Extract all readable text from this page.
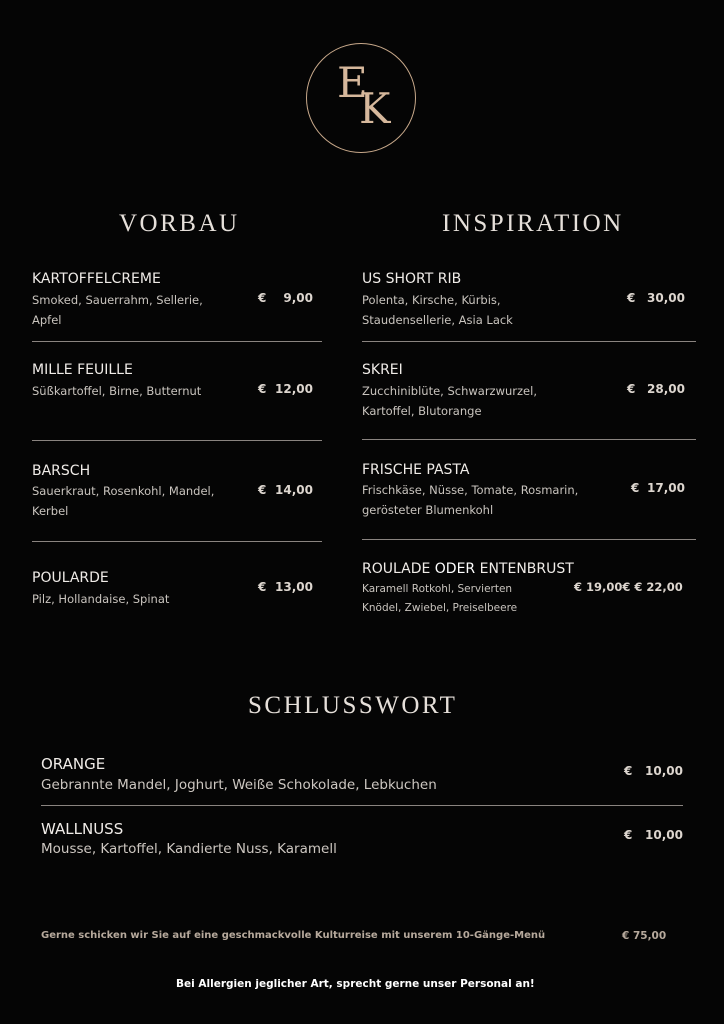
E
K
VORBAU	INSPIRATION
KARTOFFELCREME
Smoked, Sauerrahm, Sellerie, Apfel
€	9,00
MILLE FEUILLE
Süßkartoffel, Birne, Butternut	€ 12,00
BARSCH
Sauerkraut, Rosenkohl, Mandel, Kerbel
€ 14,00
POULARDE
Pilz, Hollandaise, Spinat
€ 13,00
US SHORT RIB
Polenta, Kirsche, Kürbis, Staudensellerie, Asia Lack
€ 30,00
SKREI
Zucchiniblüte, Schwarzwurzel, Kartoffel, Blutorange
€ 28,00
FRISCHE PASTA
Frischkäse, Nüsse, Tomate, Rosmarin, gerösteter Blumenkohl
€ 17,00
ROULADE ODER ENTENBRUST
Karamell Rotkohl, Servierten Knödel, Zwiebel, Preiselbeere
€ 19,00€ € 22,00
SCHLUSSWORT
ORANGE
Gebrannte Mandel, Joghurt, Weiße Schokolade, Lebkuchen
€	10,00
WALLNUSS
Mousse, Kartoffel, Kandierte Nuss, Karamell
€	10,00
Gerne schicken wir Sie auf eine geschmackvolle Kulturreise mit unserem 10-Gänge-Menü	€ 75,00
Bei Allergien jeglicher Art, sprecht gerne unser Personal an!
